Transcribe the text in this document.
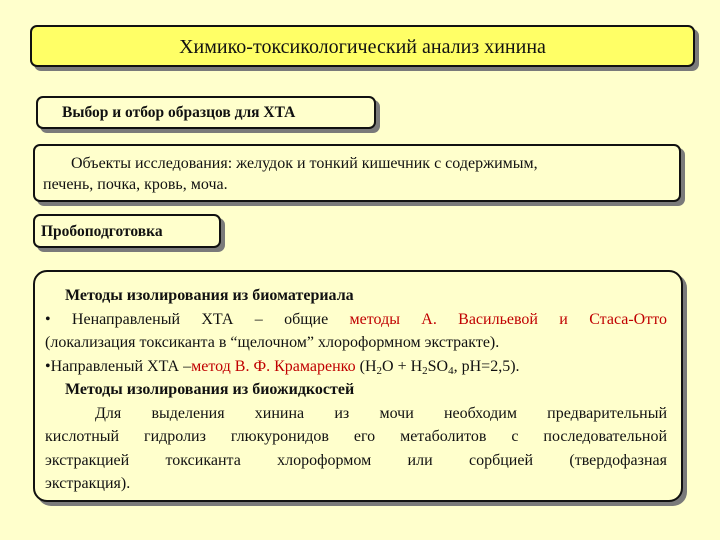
Химико-токсикологический анализ хинина
Выбор и отбор образцов для ХТА
Объекты исследования: желудок и тонкий кишечник с содержимым,
печень, почка, кровь, моча.
Пробоподготовка
Методы изолирования из биоматериала
• Ненаправленый ХТА – общие методы А. Васильевой и Стаса-Отто
(локализация токсиканта в “щелочном” хлороформном экстракте).
•Направленый ХТА –метод В. Ф. Крамаренко ($Н_2О + Н_2SO_4$, рН=2,5).
Методы изолирования из биожидкостей
Для выделения хинина из мочи необходим предварительный
кислотный гидролиз глюкуронидов его метаболитов с последовательной
экстракцией токсиканта хлороформом или сорбцией (твердофазная
экстракция).
